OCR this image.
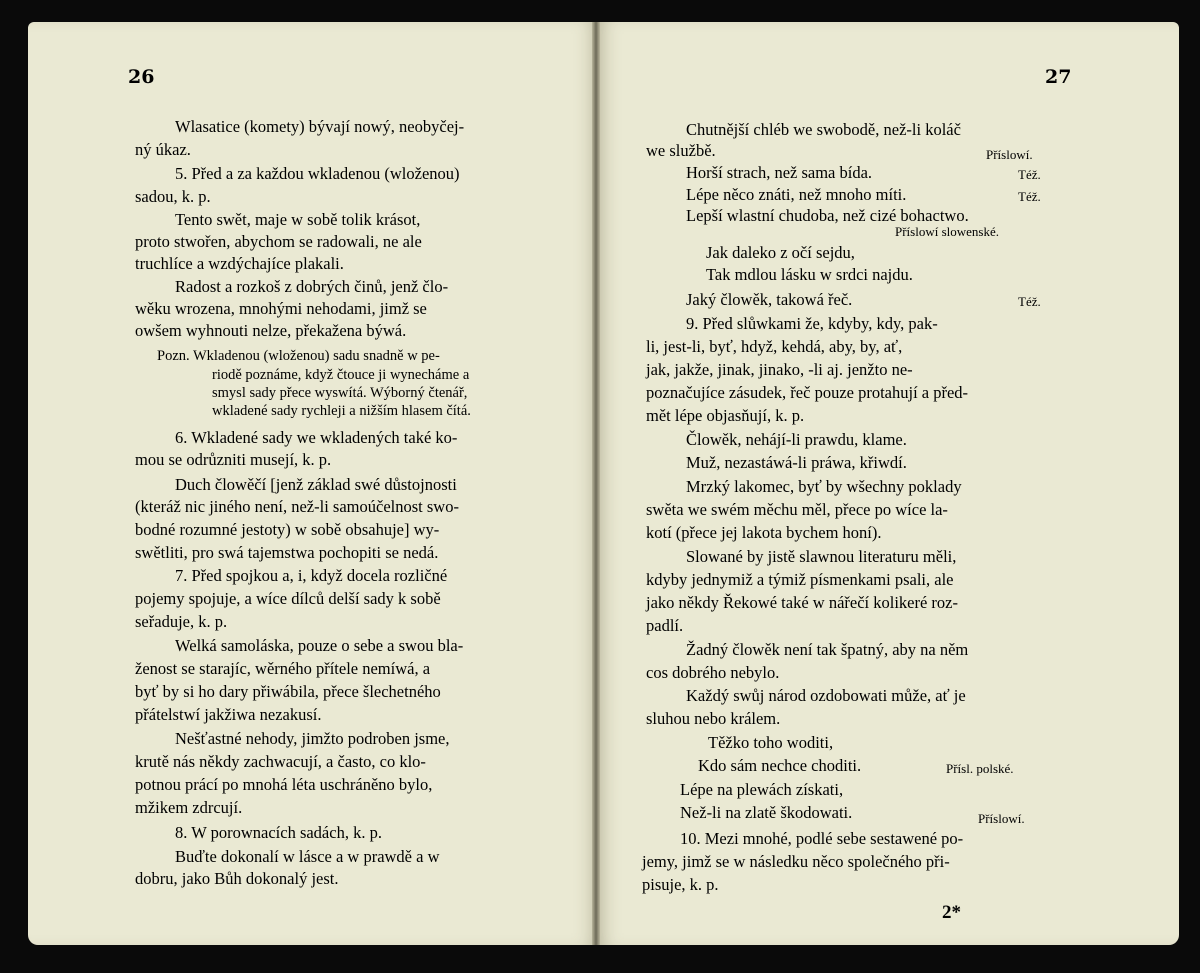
26
Wlasatice (komety) bývají nowý, neobyčej-
ný úkaz.
5. Před a za každou wkladenou (wloženou)
sadou, k. p.
Tento swět, maje w sobě tolik krásot,
proto stwořen, abychom se radowali, ne ale
truchlíce a wzdýchajíce plakali.
Radost a rozkoš z dobrých činů, jenž člo-
wěku wrozena, mnohými nehodami, jimž se
owšem wyhnouti nelze, překažena býwá.
Pozn. Wkladenou (wloženou) sadu snadně w pe-
riodě poznáme, když čtouce ji wynecháme a
smysl sady přece wyswítá. Wýborný čtenář,
wkladené sady rychleji a nižším hlasem čítá.
6. Wkladené sady we wkladených také ko-
mou se odrůzniti musejí, k. p.
Duch člowěčí [jenž základ swé důstojnosti
(kteráž nic jiného není, než-li samoúčelnost swo-
bodné rozumné jestoty) w sobě obsahuje] wy-
swětliti, pro swá tajemstwa pochopiti se nedá.
7. Před spojkou a, i, když docela rozličné
pojemy spojuje, a wíce dílců delší sady k sobě
seřaduje, k. p.
Welká samoláska, pouze o sebe a swou bla-
ženost se starajíc, wěrného přítele nemíwá, a
byť by si ho dary přiwábila, přece šlechetného
přátelstwí jakžiwa nezakusí.
Nešťastné nehody, jimžto podroben jsme,
krutě nás někdy zachwacují, a často, co klo-
potnou prácí po mnohá léta uschráněno bylo,
mžikem zdrcují.
8. W porownacích sadách, k. p.
Buďte dokonalí w lásce a w prawdě a w
dobru, jako Bůh dokonalý jest.
27
Chutnější chléb we swobodě, než-li koláč
we službě.	Příslowí.
Horší strach, než sama bída.	Též.
Lépe něco znáti, než mnoho míti.	Též.
Lepší wlastní chudoba, než cizé bohactwo.
Příslowí slowenské.
Jak daleko z očí sejdu,
Tak mdlou lásku w srdci najdu.
Jaký člowěk, takowá řeč.	Též.
9. Před slůwkami že, kdyby, kdy, pak-
li, jest-li, byť, hdyž, kehdá, aby, by, ať,
jak, jakže, jinak, jinako, -li aj. jenžto ne-
poznačujíce zásudek, řeč pouze protahují a před-
mět lépe objasňují, k. p.
Člowěk, nehájí-li prawdu, klame.
Muž, nezastáwá-li práwa, křiwdí.
Mrzký lakomec, byť by wšechny poklady
swěta we swém měchu měl, přece po wíce la-
kotí (přece jej lakota bychem honí).
Slowané by jistě slawnou literaturu měli,
kdyby jednymiž a týmiž písmenkami psali, ale
jako někdy Řekowé také w nářečí kolikeré roz-
padlí.
Žadný člowěk není tak špatný, aby na něm
cos dobrého nebylo.
Každý swůj národ ozdobowati může, ať je
sluhou nebo králem.
Těžko toho woditi,
Kdo sám nechce choditi.	Přísl. polské.
Lépe na plewách získati,
Než-li na zlatě škodowati.	Příslowí.
10. Mezi mnohé, podlé sebe sestawené po-
jemy, jimž se w následku něco společného při-
pisuje, k. p.
2*
